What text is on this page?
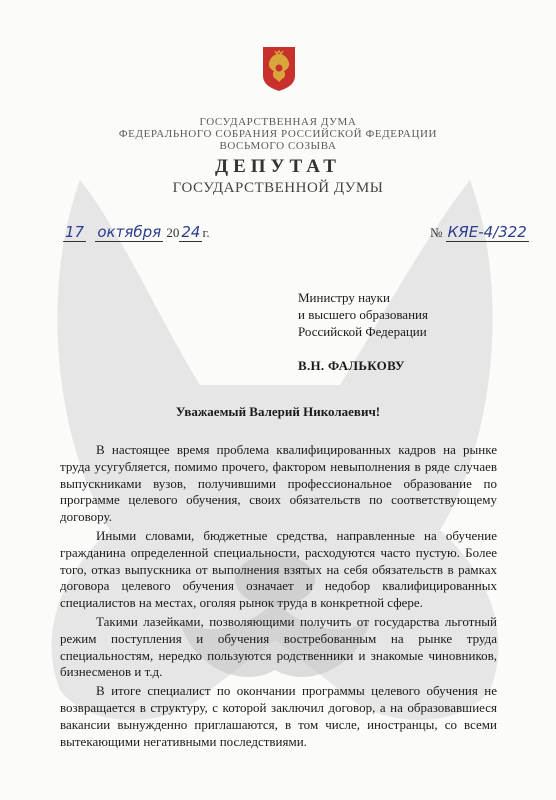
ГОСУДАРСТВЕННАЯ ДУМА
ФЕДЕРАЛЬНОГО СОБРАНИЯ РОССИЙСКОЙ ФЕДЕРАЦИИ
ВОСЬМОГО СОЗЫВА
ДЕПУТАТ
ГОСУДАРСТВЕННОЙ ДУМЫ
17 октября 20 24 г.	№ КЯЕ-4/322
Министру науки
и высшего образования
Российской Федерации
В.Н. ФАЛЬКОВУ
Уважаемый Валерий Николаевич!

В настоящее время проблема квалифицированных кадров на рынке труда усугубляется, помимо прочего, фактором невыполнения в ряде случаев выпускниками вузов, получившими профессиональное образование по программе целевого обучения, своих обязательств по соответствующему договору.

Иными словами, бюджетные средства, направленные на обучение гражданина определенной специальности, расходуются часто пустую. Более того, отказ выпускника от выполнения взятых на себя обязательств в рамках договора целевого обучения означает и недобор квалифицированных специалистов на местах, оголяя рынок труда в конкретной сфере.

Такими лазейками, позволяющими получить от государства льготный режим поступления и обучения востребованным на рынке труда специальностям, нередко пользуются родственники и знакомые чиновников, бизнесменов и т.д.

В итоге специалист по окончании программы целевого обучения не возвращается в структуру, с которой заключил договор, а на образовавшиеся вакансии вынужденно приглашаются, в том числе, иностранцы, со всеми вытекающими негативными последствиями.
